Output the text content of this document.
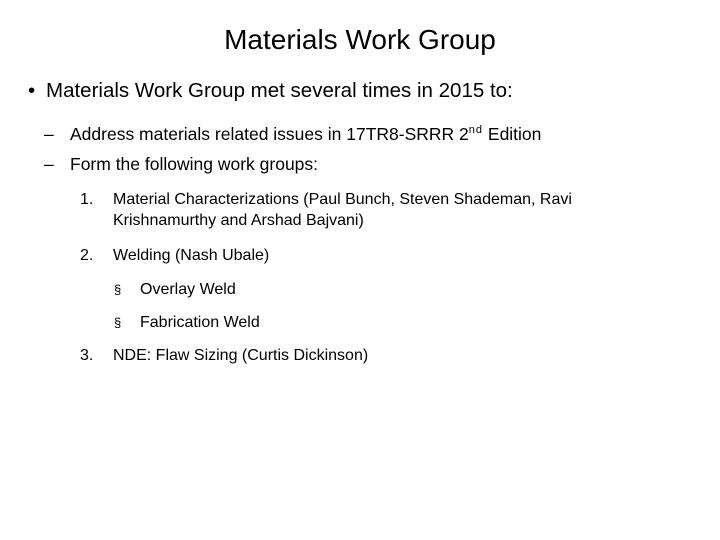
Materials Work Group
• Materials Work Group met several times in 2015 to:
– Address materials related issues in 17TR8-SRRR 2nd Edition
– Form the following work groups:
1.	Material Characterizations (Paul Bunch, Steven Shademan, Ravi
Krishnamurthy and Arshad Bajvani)
2.	Welding (Nash Ubale)
§ Overlay Weld
§ Fabrication Weld
3.	NDE: Flaw Sizing (Curtis Dickinson)
